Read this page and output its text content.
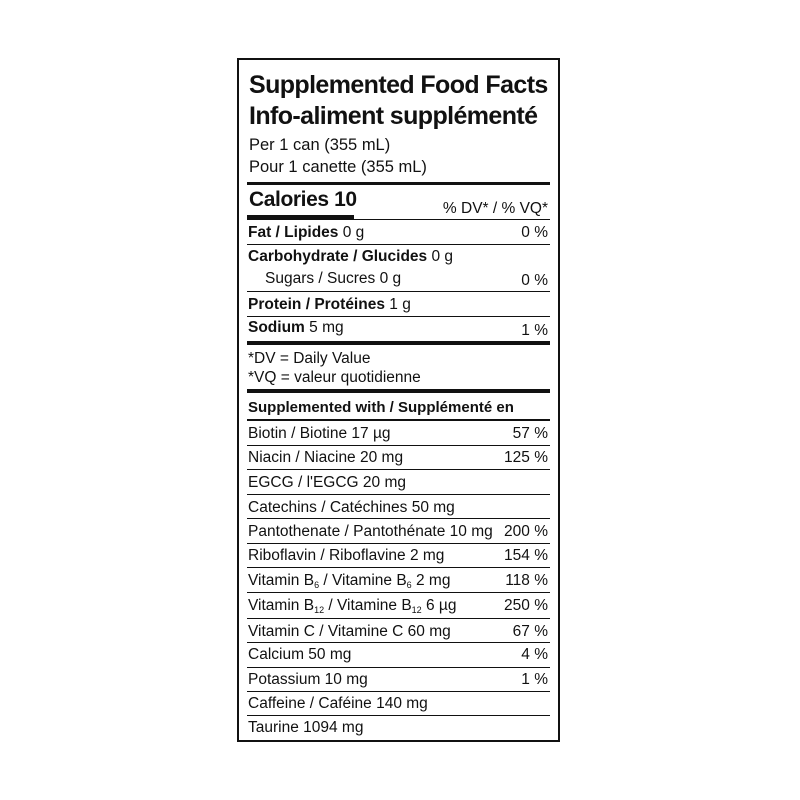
Supplemented Food Facts
Info-aliment supplémenté
Per 1 can (355 mL)
Pour 1 canette (355 mL)
Calories 10	% DV* / % VQ*
Fat / Lipides 0 g	0 %
Carbohydrate / Glucides 0 g
Sugars / Sucres 0 g	0 %
Protein / Protéines 1 g
Sodium 5 mg	1 %
*DV = Daily Value
*VQ = valeur quotidienne
Supplemented with / Supplémenté en
Biotin / Biotine 17 µg	57 %
Niacin / Niacine 20 mg	125 %
EGCG / l'EGCG 20 mg
Catechins / Catéchines 50 mg
Pantothenate / Pantothénate 10 mg 200 %
Riboflavin / Riboflavine 2 mg	154 %
Vitamin $B_6$ / Vitamine $B_6$ 2 mg	118 %
Vitamin $B_{12}$ / Vitamine $B_{12}$ 6 µg	250 %
Vitamin C / Vitamine C 60 mg	67 %
Calcium 50 mg	4 %
Potassium 10 mg	1 %
Caffeine / Caféine 140 mg
Taurine 1094 mg
